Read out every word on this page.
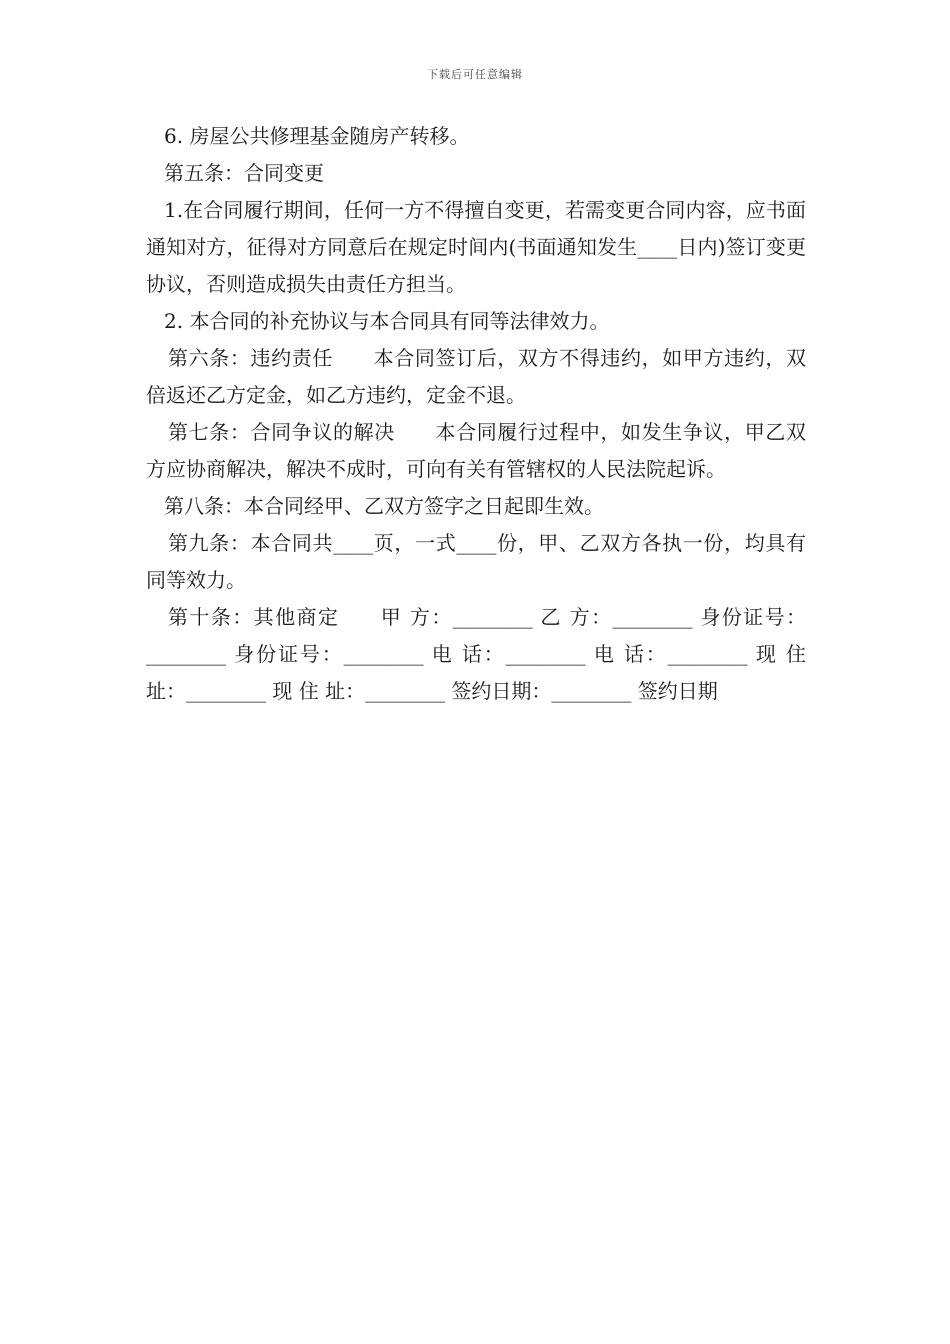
下载后可任意编辑

6. 房屋公共修理基金随房产转移。

第五条：合同变更

1.在合同履行期间，任何一方不得擅自变更，若需变更合同内容，应书面通知对方，征得对方同意后在规定时间内(书面通知发生____日内)签订变更协议，否则造成损失由责任方担当。

2. 本合同的补充协议与本合同具有同等法律效力。

第六条：违约责任 本合同签订后，双方不得违约，如甲方违约，双倍返还乙方定金，如乙方违约，定金不退。

第七条：合同争议的解决 本合同履行过程中，如发生争议，甲乙双方应协商解决，解决不成时，可向有关有管辖权的人民法院起诉。

第八条：本合同经甲、乙双方签字之日起即生效。

第九条：本合同共____页，一式____份，甲、乙双方各执一份，均具有同等效力。

第十条：其他商定 甲 方：________ 乙 方：________ 身份证号：________ 身份证号：________ 电 话：________ 电 话：________ 现 住 址：________ 现 住 址：________ 签约日期：________ 签约日期
